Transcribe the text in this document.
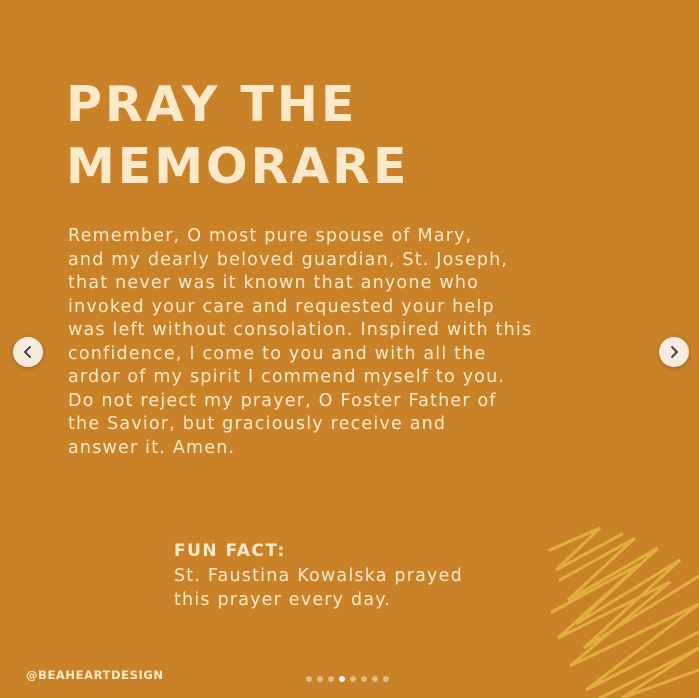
PRAY THE
MEMORARE
Remember, O most pure spouse of Mary,
and my dearly beloved guardian, St. Joseph,
that never was it known that anyone who
invoked your care and requested your help
was left without consolation. Inspired with this
confidence, I come to you and with all the
ardor of my spirit I commend myself to you.
Do not reject my prayer, O Foster Father of
the Savior, but graciously receive and
answer it. Amen.
FUN FACT:
St. Faustina Kowalska prayed
this prayer every day.
@BEAHEARTDESIGN
